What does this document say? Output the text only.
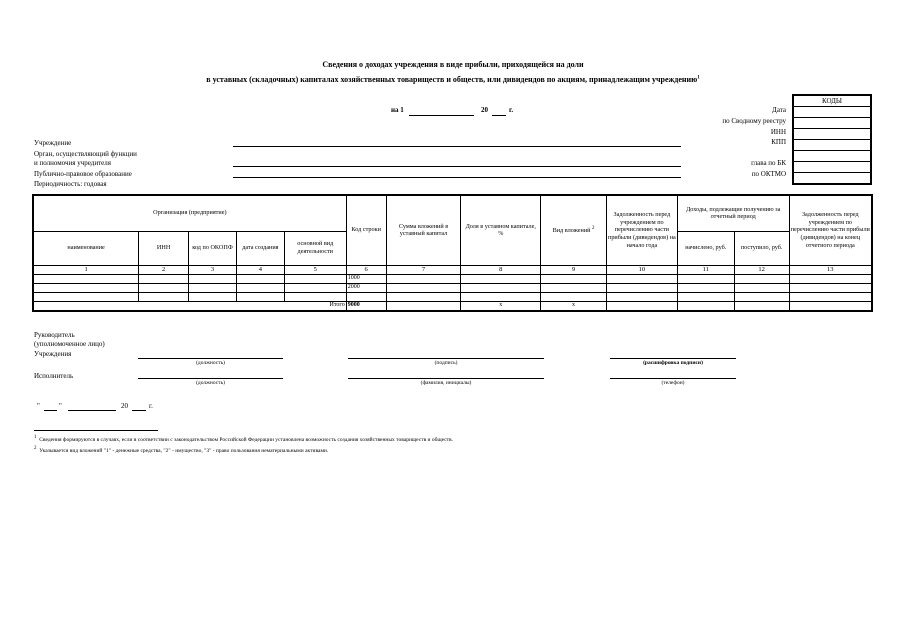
Сведения о доходах учреждения в виде прибыли, приходящейся на доли
в уставных (складочных) капиталах хозяйственных товариществ и обществ, или дивидендов по акциям, принадлежащим учреждению$^1$
на 1	20	г.
КОДЫ

Дата
по Сводному реестру
ИНН
КПП
глава по БК
по ОКТМО
Учреждение
Орган, осуществляющий функции
и полномочия учредителя
Публично-правовое образование
Периодичность: годовая
Организация (предприятие)					Код строки	Сумма вложений в уставный капитал	Доля в уставном капитале, %	Вид вложений $^2$	Задолженность перед учреждением по перечислению части прибыли (дивидендов) на начало года	Доходы, подлежащие получению за отчетный период		Задолженность перед учреждением по перечислению части прибыли (дивидендов) на конец отчетного периода
наименование	ИНН	код по ОКОПФ	дата создания	основной вид деятельности						начислено, руб.	поступило, руб.	
1	2	3	4	5	6	7	8	9	10	11	12	13
					1000							
					2000							

Итого					9000		x	x				
Руководитель
(уполномоченное лицо)
Учреждения
(должность)	(подпись)	(расшифровка подписи)
Исполнитель
(должность)	(фамилия, инициалы)	(телефон)
"	"	20	г.
$^1$ Сведения формируются в случаях, если в соответствии с законодательством Российской Федерации установлена возможность создания хозяйственных товариществ и обществ.
$^2$ Указывается вид вложений "1" - денежные средства, "2" - имущество, "3" - право пользования нематериальными активами.
